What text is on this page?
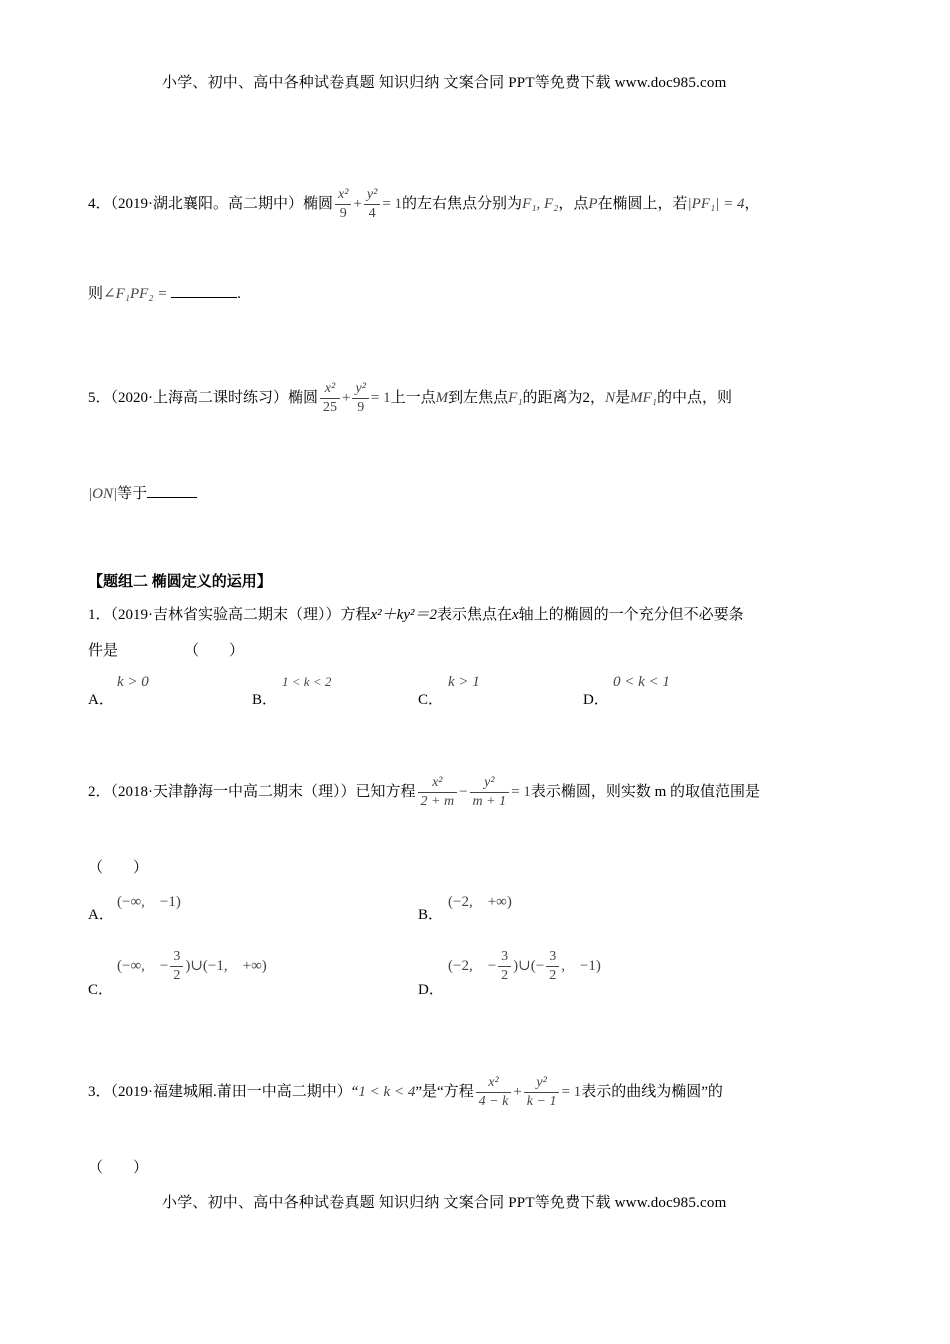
小学、初中、高中各种试卷真题 知识归纳 文案合同 PPT等免费下载 www.doc985.com
4．（2019·湖北襄阳。高二期中）椭圆 $\frac{\text{x²}}{9} + \frac{\text{y²}}{4} = 1$的左右焦点分别为F₁, F₂，点P在椭圆上，若|PF₁| = 4，
则∠F₁PF₂ =	.
5．（2020·上海高二课时练习）椭圆 $\frac{\text{x²}}{25} + \frac{\text{y²}}{9} = 1$上一点M到左焦点F₁的距离为2，N是MF₁的中点，则
|ON|等于
【题组二 椭圆定义的运用】
1．（2019·吉林省实验高二期末（理））方程x²＋ky²＝2表示焦点在x轴上的椭圆的一个充分但不必要条
件是	（　　）
A．
k > 0
B．
1 < k < 2
C．
k > 1
D．
0 < k < 1
2．（2018·天津静海一中高二期末（理））已知方程 $\frac{\text{x²}}{2 + m} - \frac{\text{y²}}{m + 1} = 1$表示椭圆，则实数 m 的取值范围是
（　　）
A．
(−∞,　−1)
B．
(−2,　+∞)
C．
(−∞,　− $\frac{3}{2}$ )∪(−1,　+∞)
D．
(−2,　− $\frac{3}{2}$ )∪(− $\frac{3}{2}$ ,　−1)
3．（2019·福建城厢.莆田一中高二期中）“1 < k < 4”是“方程 $\frac{\text{x²}}{4 - k} + \frac{\text{y²}}{k - 1} = 1$表示的曲线为椭圆”的
（　　）
小学、初中、高中各种试卷真题 知识归纳 文案合同 PPT等免费下载 www.doc985.com
